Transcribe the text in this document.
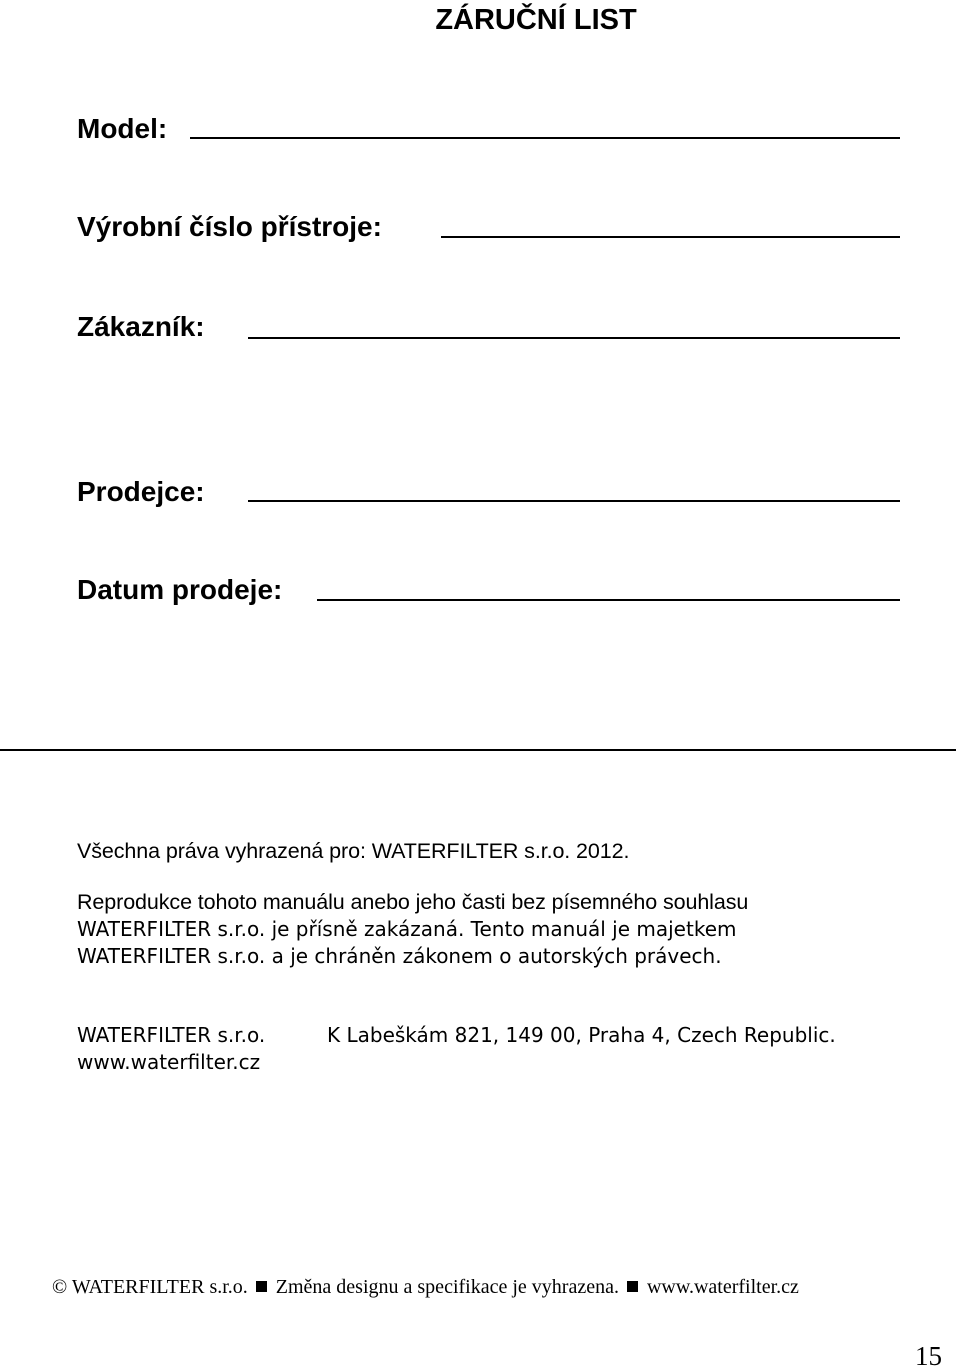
ZÁRUČNÍ LIST
Model:
Výrobní číslo přístroje:
Zákazník:
Prodejce:
Datum prodeje:
Všechna práva vyhrazená pro: WATERFILTER s.r.o. 2012.
Reprodukce tohoto manuálu anebo jeho časti bez písemného souhlasu
WATERFILTER s.r.o. je přísně zakázaná. Tento manuál je majetkem
WATERFILTER s.r.o. a je chráněn zákonem o autorských právech.
WATERFILTER s.r.o.	K Labeškám 821, 149 00, Praha 4, Czech Republic.
www.waterfilter.cz
© WATERFILTER s.r.o. Změna designu a specifikace je vyhrazena. www.waterfilter.cz
15
